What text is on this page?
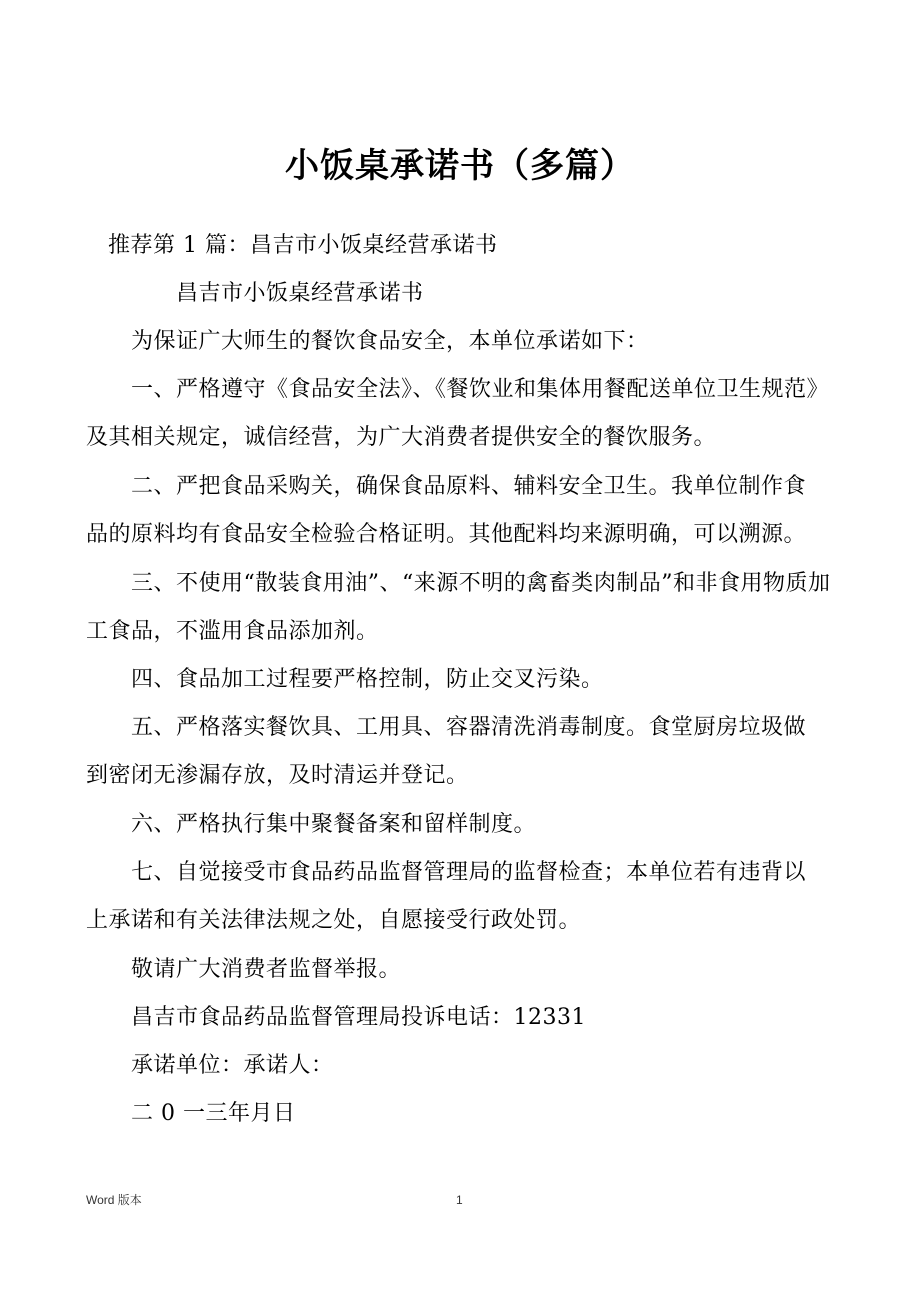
小饭桌承诺书（多篇）
推荐第 1 篇：昌吉市小饭桌经营承诺书
昌吉市小饭桌经营承诺书
为保证广大师生的餐饮食品安全，本单位承诺如下：
一、严格遵守《食品安全法》、《餐饮业和集体用餐配送单位卫生规范》
及其相关规定，诚信经营，为广大消费者提供安全的餐饮服务。
二、严把食品采购关，确保食品原料、辅料安全卫生。我单位制作食
品的原料均有食品安全检验合格证明。其他配料均来源明确，可以溯源。
三、不使用“散装食用油”、“来源不明的禽畜类肉制品”和非食用物质加
工食品，不滥用食品添加剂。
四、食品加工过程要严格控制，防止交叉污染。
五、严格落实餐饮具、工用具、容器清洗消毒制度。食堂厨房垃圾做
到密闭无渗漏存放，及时清运并登记。
六、严格执行集中聚餐备案和留样制度。
七、自觉接受市食品药品监督管理局的监督检查；本单位若有违背以
上承诺和有关法律法规之处，自愿接受行政处罚。
敬请广大消费者监督举报。
昌吉市食品药品监督管理局投诉电话：12331
承诺单位：承诺人：
二 0 一三年月日
Word 版本	1
